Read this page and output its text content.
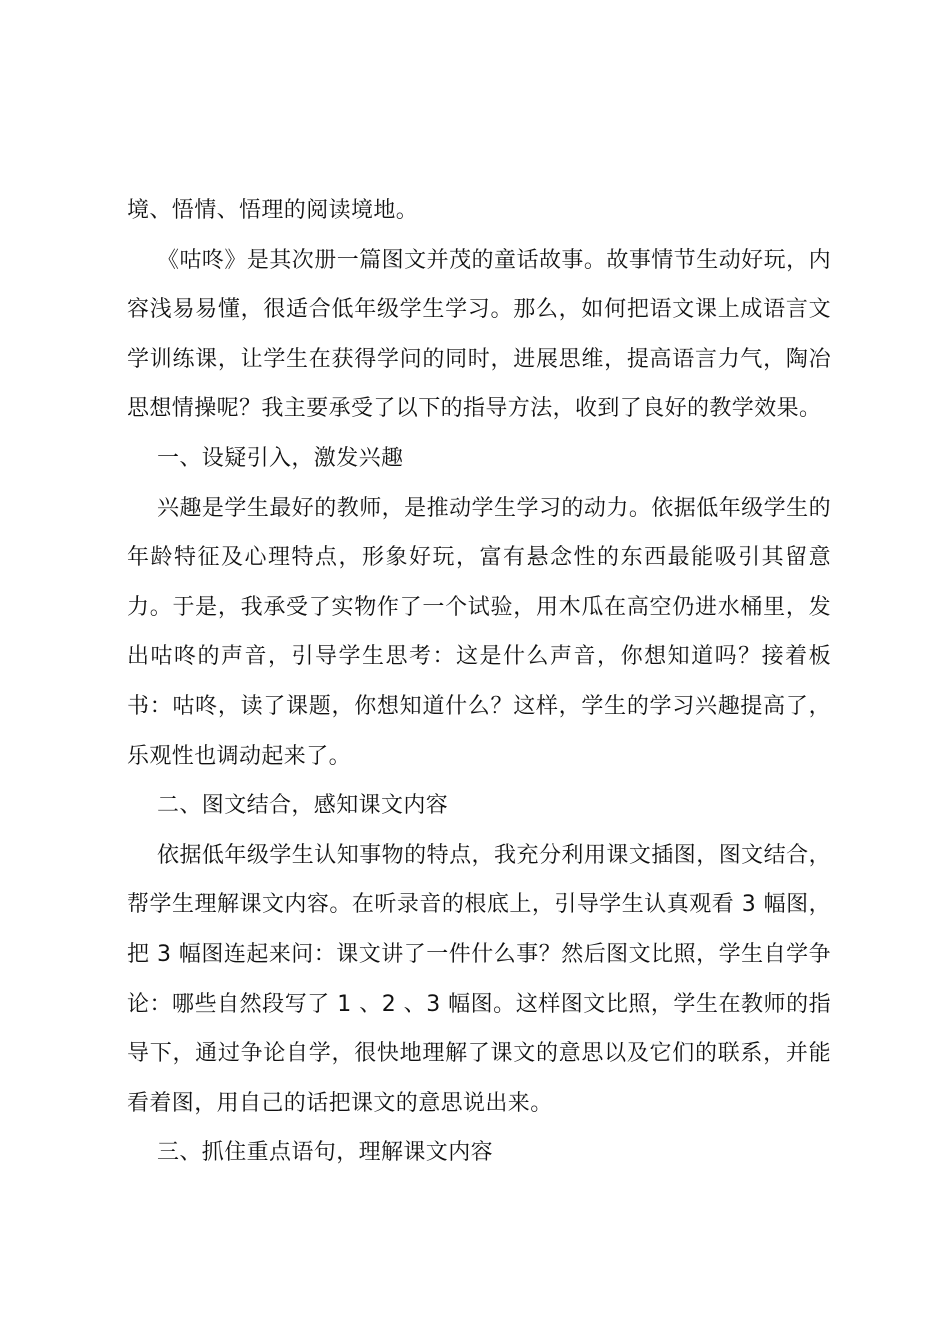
境、悟情、悟理的阅读境地。

《咕咚》是其次册一篇图文并茂的童话故事。故事情节生动好玩，内容浅易易懂，很适合低年级学生学习。那么，如何把语文课上成语言文学训练课，让学生在获得学问的同时，进展思维，提高语言力气，陶冶思想情操呢？我主要承受了以下的指导方法，收到了良好的教学效果。

一、设疑引入，激发兴趣

兴趣是学生最好的教师，是推动学生学习的动力。依据低年级学生的年龄特征及心理特点，形象好玩，富有悬念性的东西最能吸引其留意力。于是，我承受了实物作了一个试验，用木瓜在高空仍进水桶里，发出咕咚的声音，引导学生思考：这是什么声音，你想知道吗？接着板书：咕咚，读了课题，你想知道什么？这样，学生的学习兴趣提高了，乐观性也调动起来了。

二、图文结合，感知课文内容

依据低年级学生认知事物的特点，我充分利用课文插图，图文结合，帮学生理解课文内容。在听录音的根底上，引导学生认真观看 3 幅图，把 3 幅图连起来问：课文讲了一件什么事？然后图文比照，学生自学争论：哪些自然段写了 1 、2 、3 幅图。这样图文比照，学生在教师的指导下，通过争论自学，很快地理解了课文的意思以及它们的联系，并能看着图，用自己的话把课文的意思说出来。

三、抓住重点语句，理解课文内容
